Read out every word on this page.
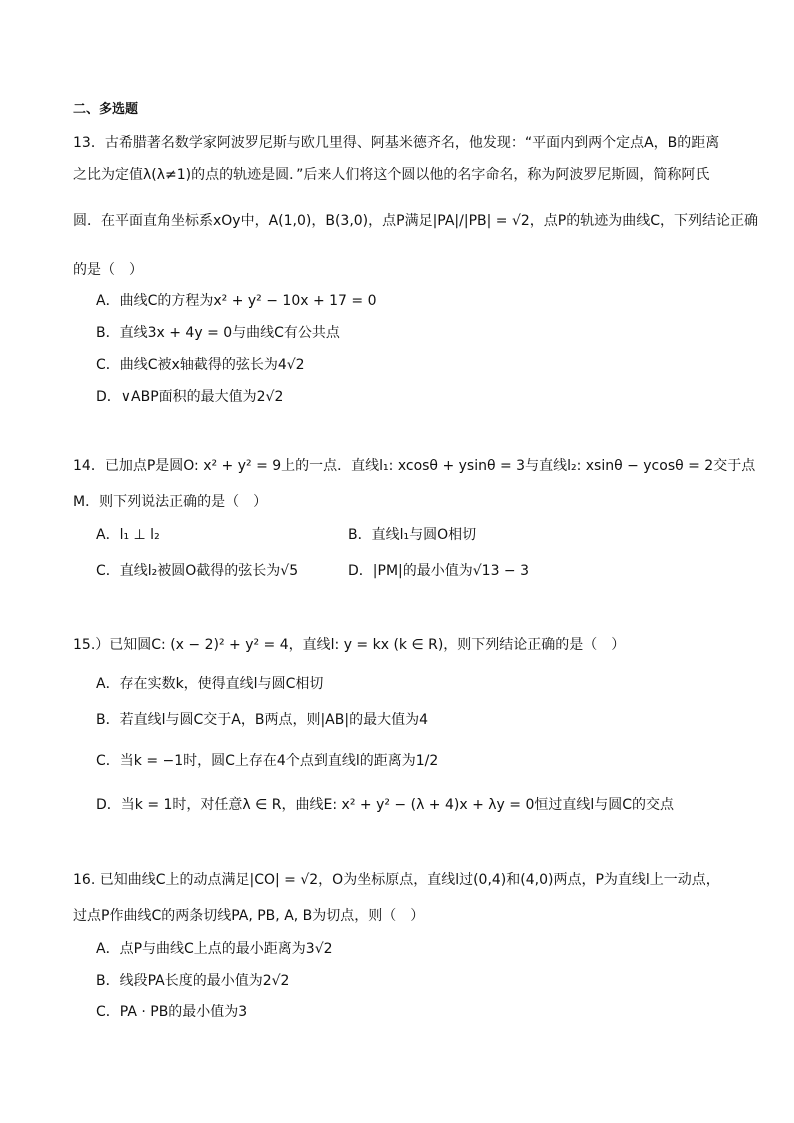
二、多选题
13．古希腊著名数学家阿波罗尼斯与欧几里得、阿基米德齐名，他发现：“平面内到两个定点A，B的距离
之比为定值λ(λ≠1)的点的轨迹是圆．”后来人们将这个圆以他的名字命名，称为阿波罗尼斯圆，简称阿氏
圆．在平面直角坐标系xOy中，A(1,0)，B(3,0)，点P满足|PA|/|PB| = √2，点P的轨迹为曲线C，下列结论正确
的是（　）
A．曲线C的方程为x² + y² − 10x + 17 = 0
B．直线3x + 4y = 0与曲线C有公共点
C．曲线C被x轴截得的弦长为4√2
D．∨ABP面积的最大值为2√2
14．已加点P是圆O: x² + y² = 9上的一点．直线l₁: xcosθ + ysinθ = 3与直线l₂: xsinθ − ycosθ = 2交于点
M．则下列说法正确的是（　）
A．l₁ ⊥ l₂	B．直线l₁与圆O相切
C．直线l₂被圆O截得的弦长为√5	D．|PM|的最小值为√13 − 3
15.）已知圆C: (x − 2)² + y² = 4，直线l: y = kx (k ∈ R)，则下列结论正确的是（　）
A．存在实数k，使得直线l与圆C相切
B．若直线l与圆C交于A，B两点，则|AB|的最大值为4
C．当k = −1时，圆C上存在4个点到直线l的距离为1/2
D．当k = 1时，对任意λ ∈ R，曲线E: x² + y² − (λ + 4)x + λy = 0恒过直线l与圆C的交点
16. 已知曲线C上的动点满足|CO| = √2，O为坐标原点，直线l过(0,4)和(4,0)两点，P为直线l上一动点，
过点P作曲线C的两条切线PA, PB, A, B为切点，则（　）
A．点P与曲线C上点的最小距离为3√2
B．线段PA长度的最小值为2√2
C．PA · PB的最小值为3
